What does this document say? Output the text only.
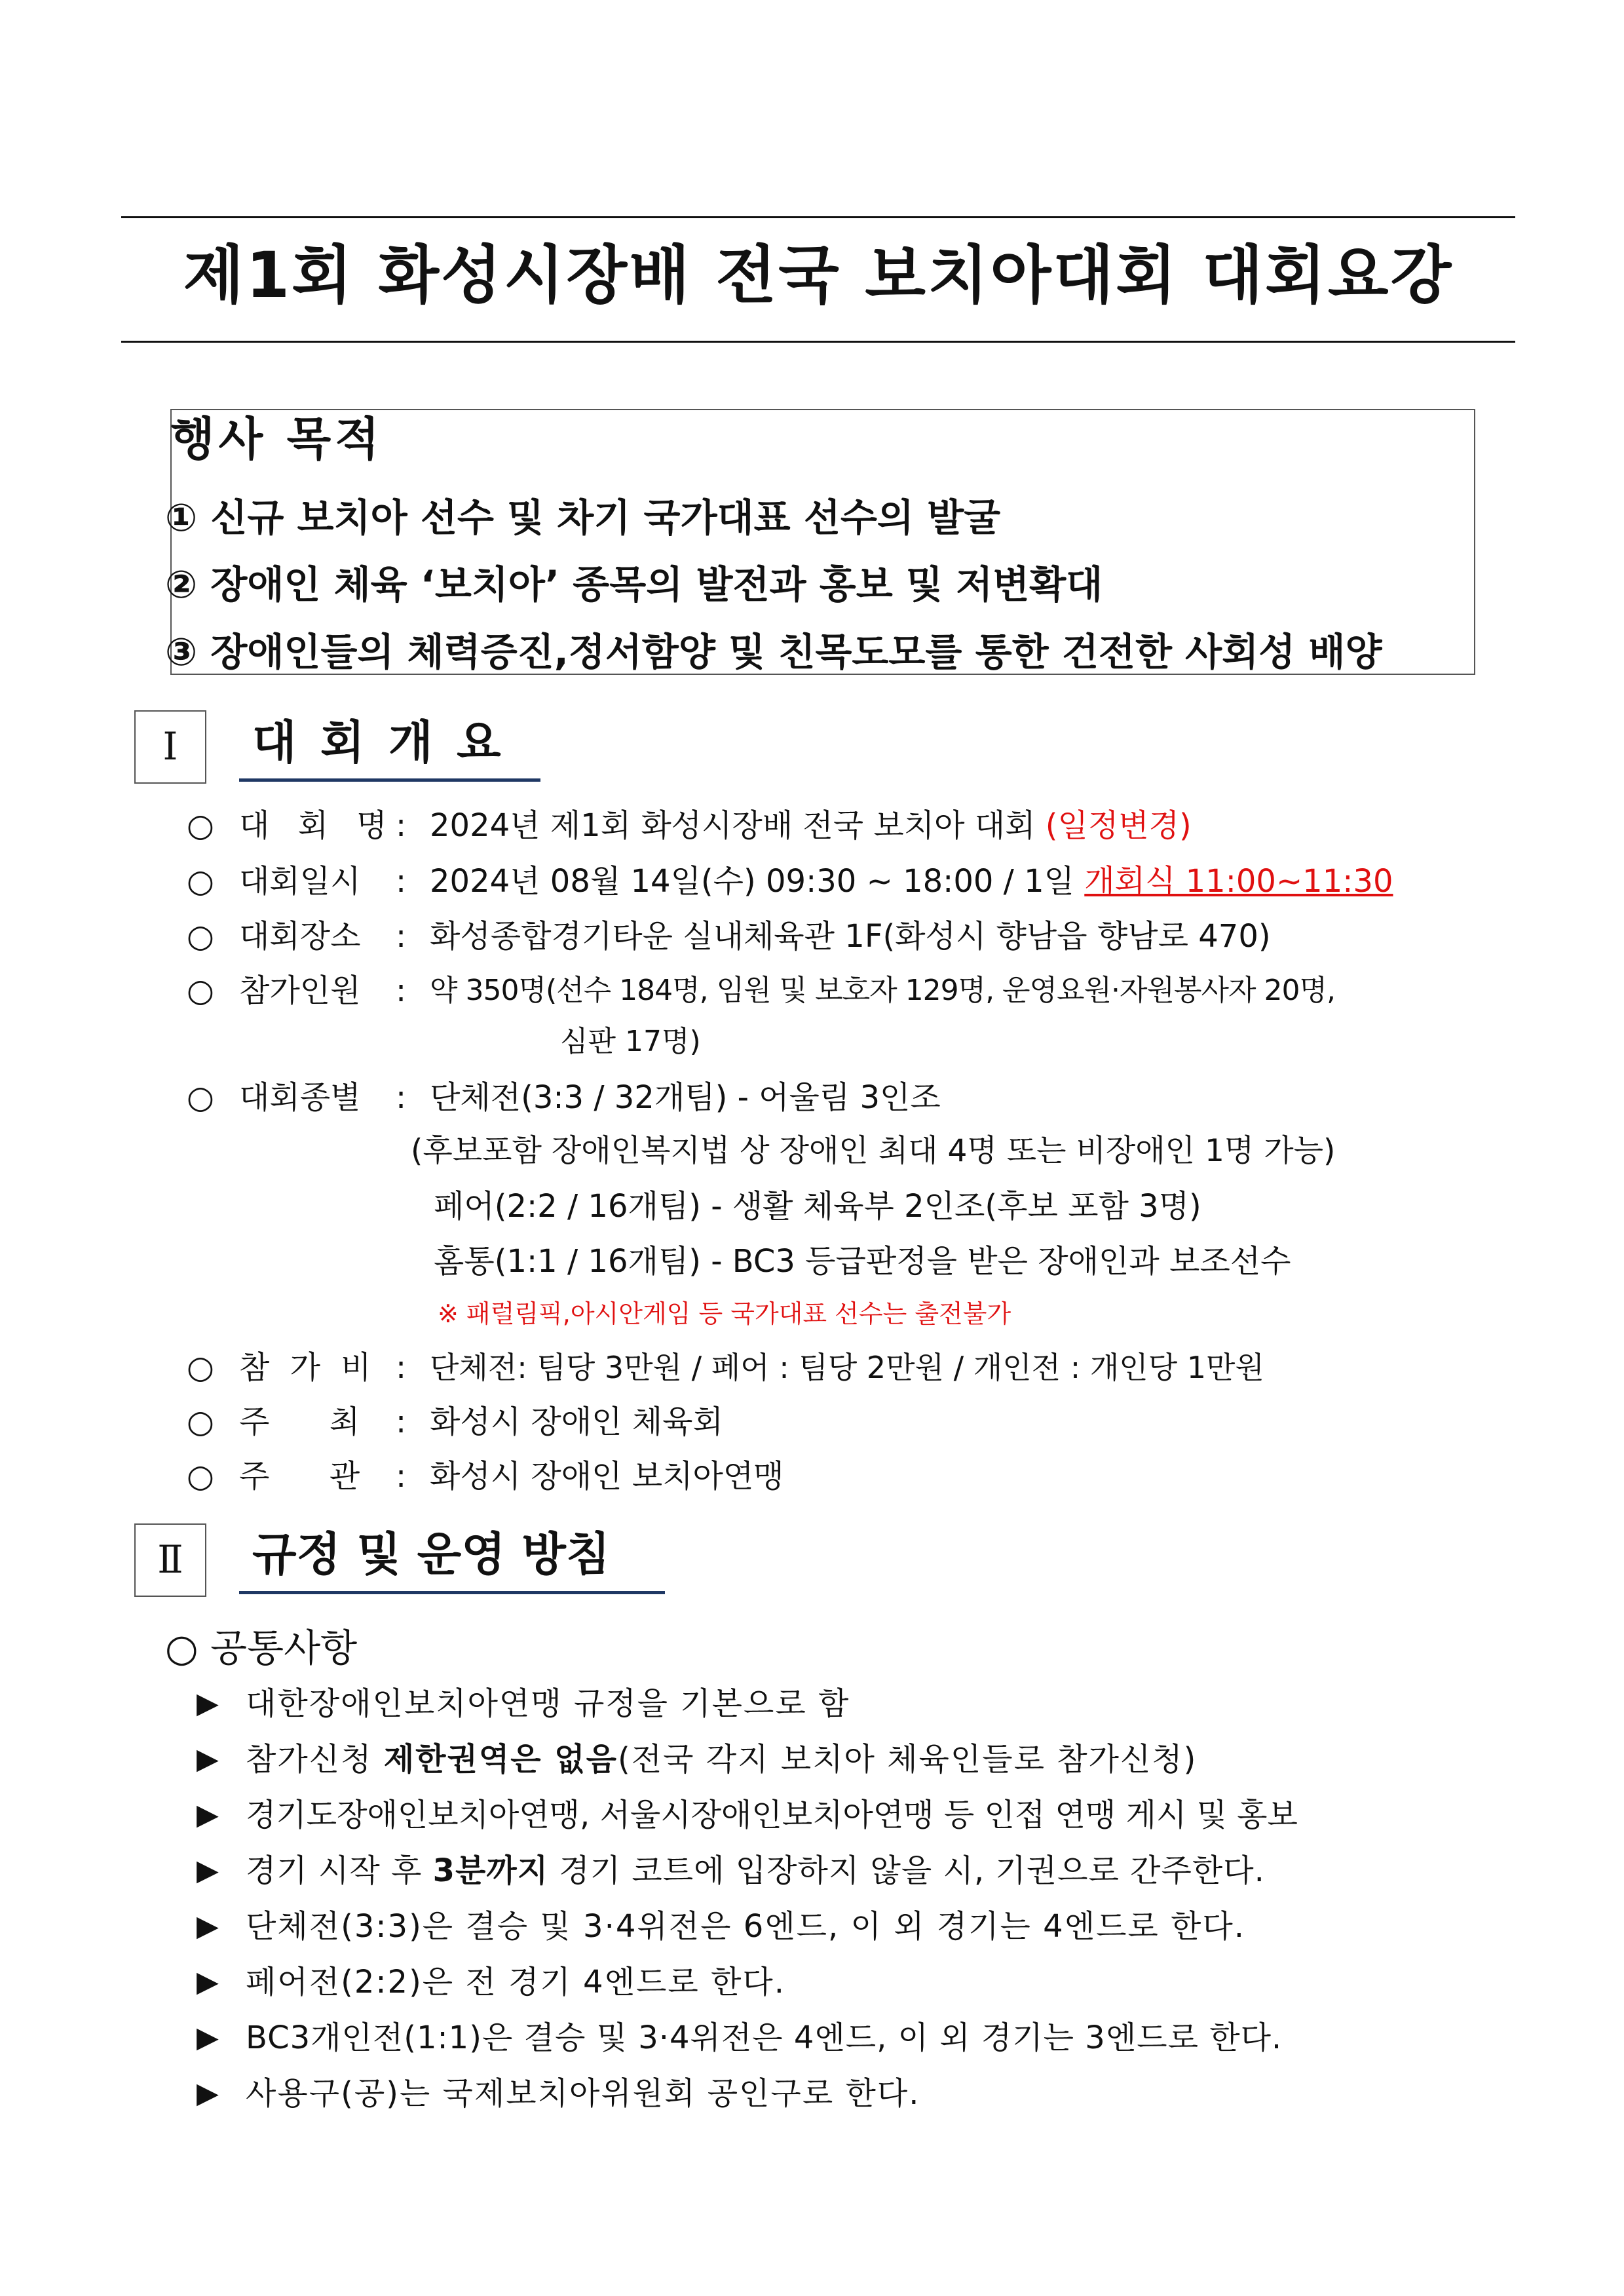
제1회 화성시장배 전국 보치아대회 대회요강
행사 목적
① 신규 보치아 선수 및 차기 국가대표 선수의 발굴
② 장애인 체육 ‘보치아’ 종목의 발전과 홍보 및 저변확대
③ 장애인들의 체력증진,정서함양 및 친목도모를 통한 건전한 사회성 배양
Ⅰ	대 회 개 요
○ 대 회 명 : 2024년 제1회 화성시장배 전국 보치아 대회 (일정변경)
○ 대회일시 : 2024년 08월 14일(수) 09:30 ~ 18:00 / 1일 개회식 11:00~11:30
○ 대회장소 : 화성종합경기타운 실내체육관 1F(화성시 향남읍 향남로 470)
○ 참가인원 : 약 350명(선수 184명, 임원 및 보호자 129명, 운영요원·자원봉사자 20명,
심판 17명)
○ 대회종별 : 단체전(3:3 / 32개팀) - 어울림 3인조
(후보포함 장애인복지법 상 장애인 최대 4명 또는 비장애인 1명 가능)
페어(2:2 / 16개팀) - 생활 체육부 2인조(후보 포함 3명)
홈통(1:1 / 16개팀) - BC3 등급판정을 받은 장애인과 보조선수
※ 패럴림픽,아시안게임 등 국가대표 선수는 출전불가
○ 참 가 비 : 단체전: 팀당 3만원 / 페어 : 팀당 2만원 / 개인전 : 개인당 1만원
○ 주      최 : 화성시 장애인 체육회
○ 주      관 : 화성시 장애인 보치아연맹
Ⅱ	규정 및 운영 방침
○ 공통사항
▶ 대한장애인보치아연맹 규정을 기본으로 함
▶ 참가신청 제한권역은 없음(전국 각지 보치아 체육인들로 참가신청)
▶ 경기도장애인보치아연맹, 서울시장애인보치아연맹 등 인접 연맹 게시 및 홍보
▶ 경기 시작 후 3분까지 경기 코트에 입장하지 않을 시, 기권으로 간주한다.
▶ 단체전(3:3)은 결승 및 3·4위전은 6엔드, 이 외 경기는 4엔드로 한다.
▶ 페어전(2:2)은 전 경기 4엔드로 한다.
▶ BC3개인전(1:1)은 결승 및 3·4위전은 4엔드, 이 외 경기는 3엔드로 한다.
▶ 사용구(공)는 국제보치아위원회 공인구로 한다.
